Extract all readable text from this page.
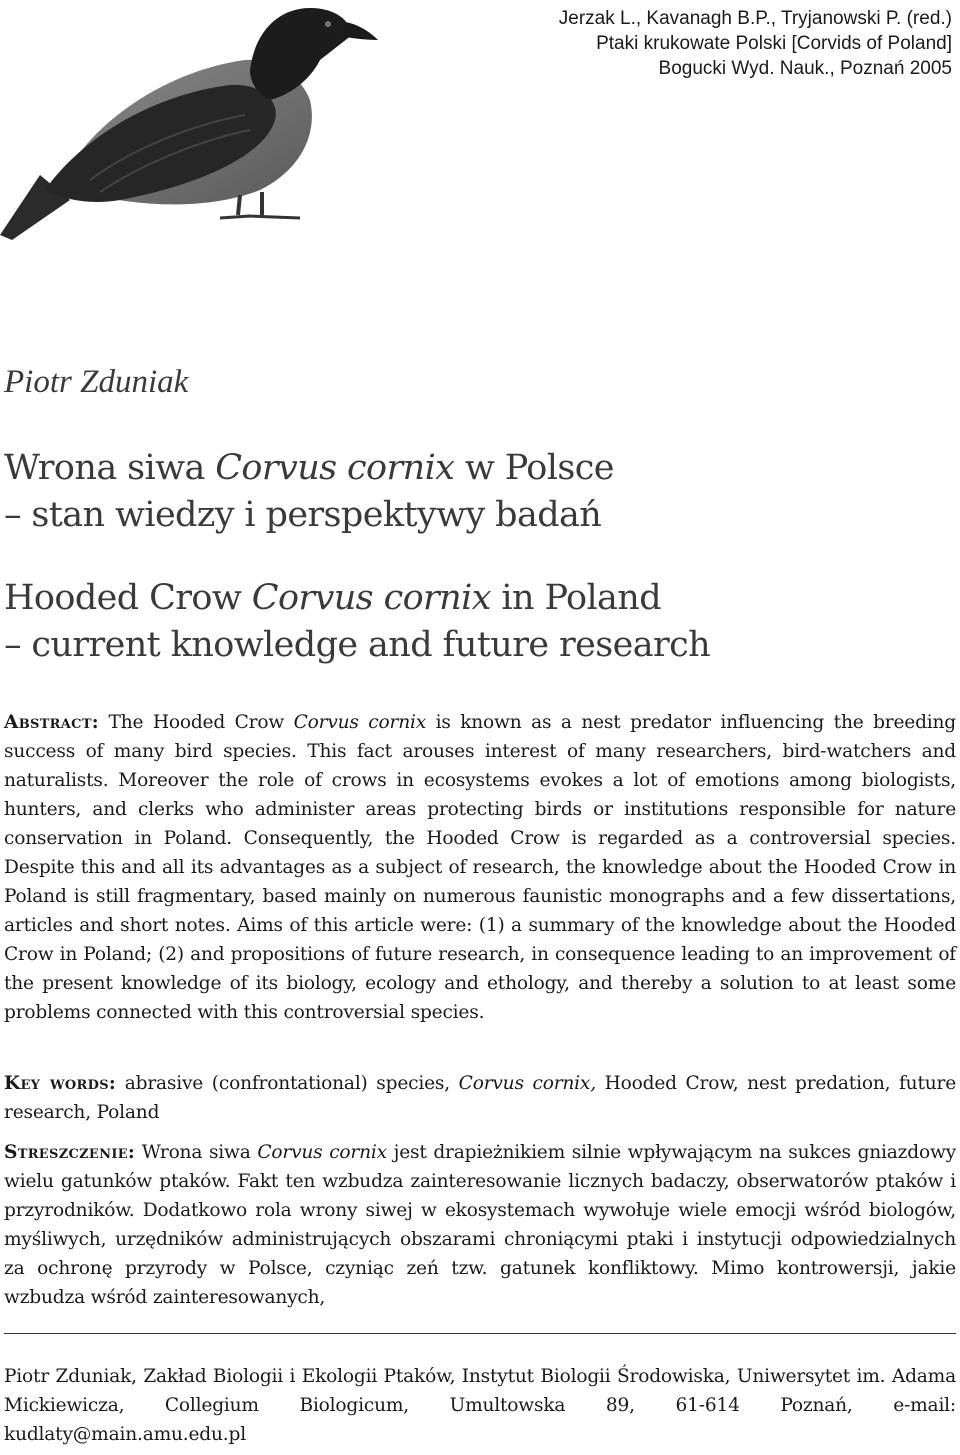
Jerzak L., Kavanagh B.P., Tryjanowski P. (red.)
Ptaki krukowate Polski [Corvids of Poland]
Bogucki Wyd. Nauk., Poznań 2005
Piotr Zduniak
Wrona siwa Corvus cornix w Polsce
– stan wiedzy i perspektywy badań
Hooded Crow Corvus cornix in Poland
– current knowledge and future research
Abstract: The Hooded Crow Corvus cornix is known as a nest predator influencing the breeding success of many bird species. This fact arouses interest of many researchers, bird-watchers and naturalists. Moreover the role of crows in ecosystems evokes a lot of emotions among biologists, hunters, and clerks who administer areas protecting birds or institutions responsible for nature conservation in Poland. Consequently, the Hooded Crow is regarded as a controversial species. Despite this and all its advantages as a subject of research, the knowledge about the Hooded Crow in Poland is still fragmentary, based mainly on numerous faunistic monographs and a few dissertations, articles and short notes. Aims of this article were: (1) a summary of the knowledge about the Hooded Crow in Poland; (2) and propositions of future research, in consequence leading to an improvement of the present knowledge of its biology, ecology and ethology, and thereby a solution to at least some problems connected with this controversial species.
Key words: abrasive (confrontational) species, Corvus cornix, Hooded Crow, nest predation, future research, Poland
Streszczenie: Wrona siwa Corvus cornix jest drapieżnikiem silnie wpływającym na sukces gniazdowy wielu gatunków ptaków. Fakt ten wzbudza zainteresowanie licznych badaczy, obserwatorów ptaków i przyrodników. Dodatkowo rola wrony siwej w ekosystemach wywołuje wiele emocji wśród biologów, myśliwych, urzędników administrujących obszarami chroniącymi ptaki i instytucji odpowiedzialnych za ochronę przyrody w Polsce, czyniąc zeń tzw. gatunek konfliktowy. Mimo kontrowersji, jakie wzbudza wśród zainteresowanych,
Piotr Zduniak, Zakład Biologii i Ekologii Ptaków, Instytut Biologii Środowiska, Uniwersytet im. Adama Mickiewicza, Collegium Biologicum, Umultowska 89, 61-614 Poznań, e-mail: kudlaty@main.amu.edu.pl
